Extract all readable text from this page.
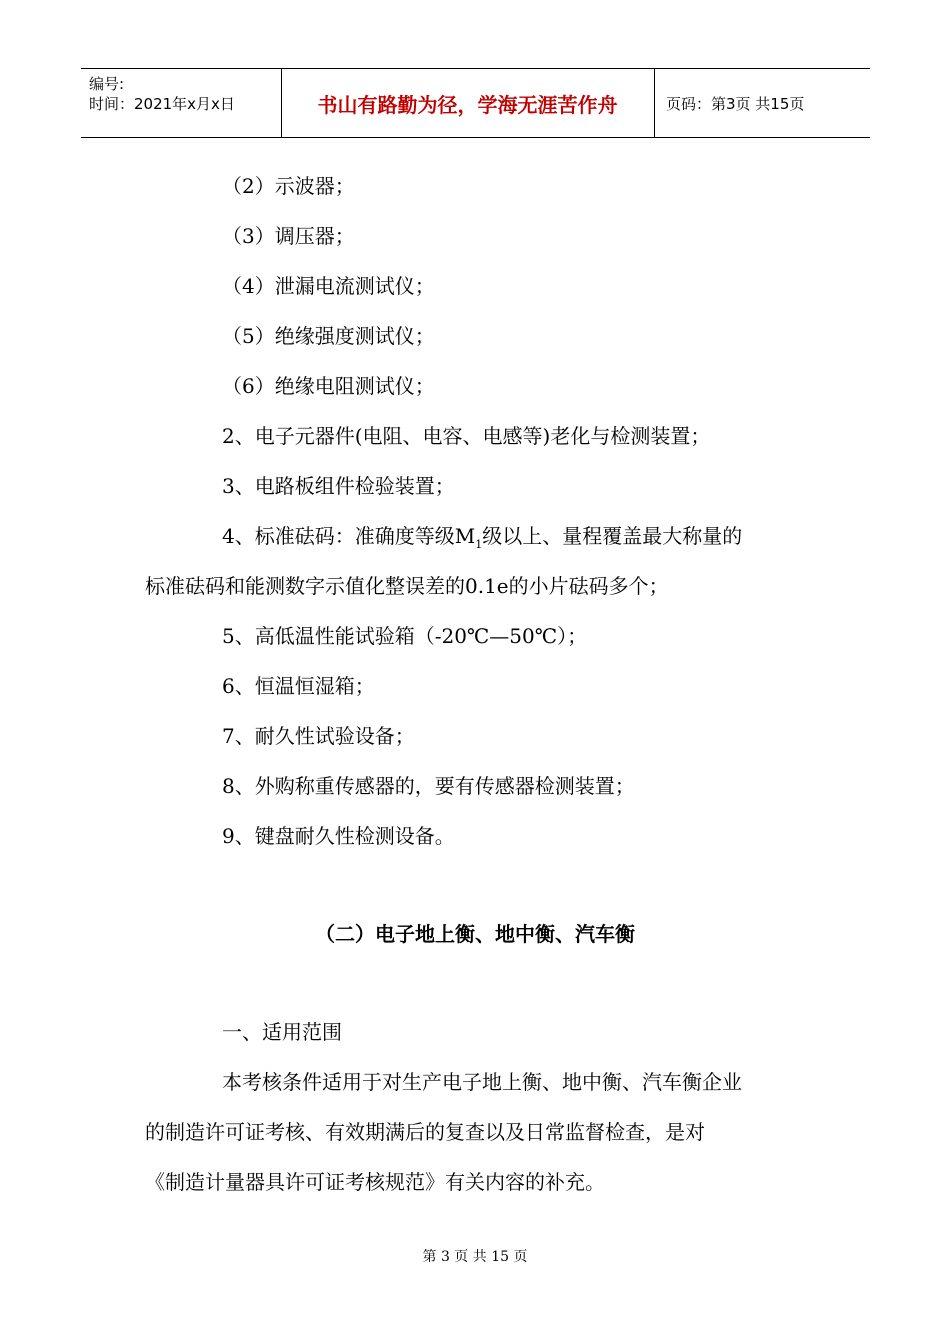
编号:
时间：2021年x月x日	书山有路勤为径，学海无涯苦作舟	页码：第3页 共15页
（2）示波器；
（3）调压器；
（4）泄漏电流测试仪；
（5）绝缘强度测试仪；
（6）绝缘电阻测试仪；
2、电子元器件(电阻、电容、电感等)老化与检测装置；
3、电路板组件检验装置；
4、标准砝码：准确度等级$M_1$级以上、量程覆盖最大称量的
标准砝码和能测数字示值化整误差的0.1e的小片砝码多个；
5、高低温性能试验箱（-20℃—50℃）；
6、恒温恒湿箱；
7、耐久性试验设备；
8、外购称重传感器的，要有传感器检测装置；
9、键盘耐久性检测设备。
（二）电子地上衡、地中衡、汽车衡
一、适用范围
本考核条件适用于对生产电子地上衡、地中衡、汽车衡企业
的制造许可证考核、有效期满后的复查以及日常监督检查，是对
《制造计量器具许可证考核规范》有关内容的补充。
第 3 页 共 15 页
